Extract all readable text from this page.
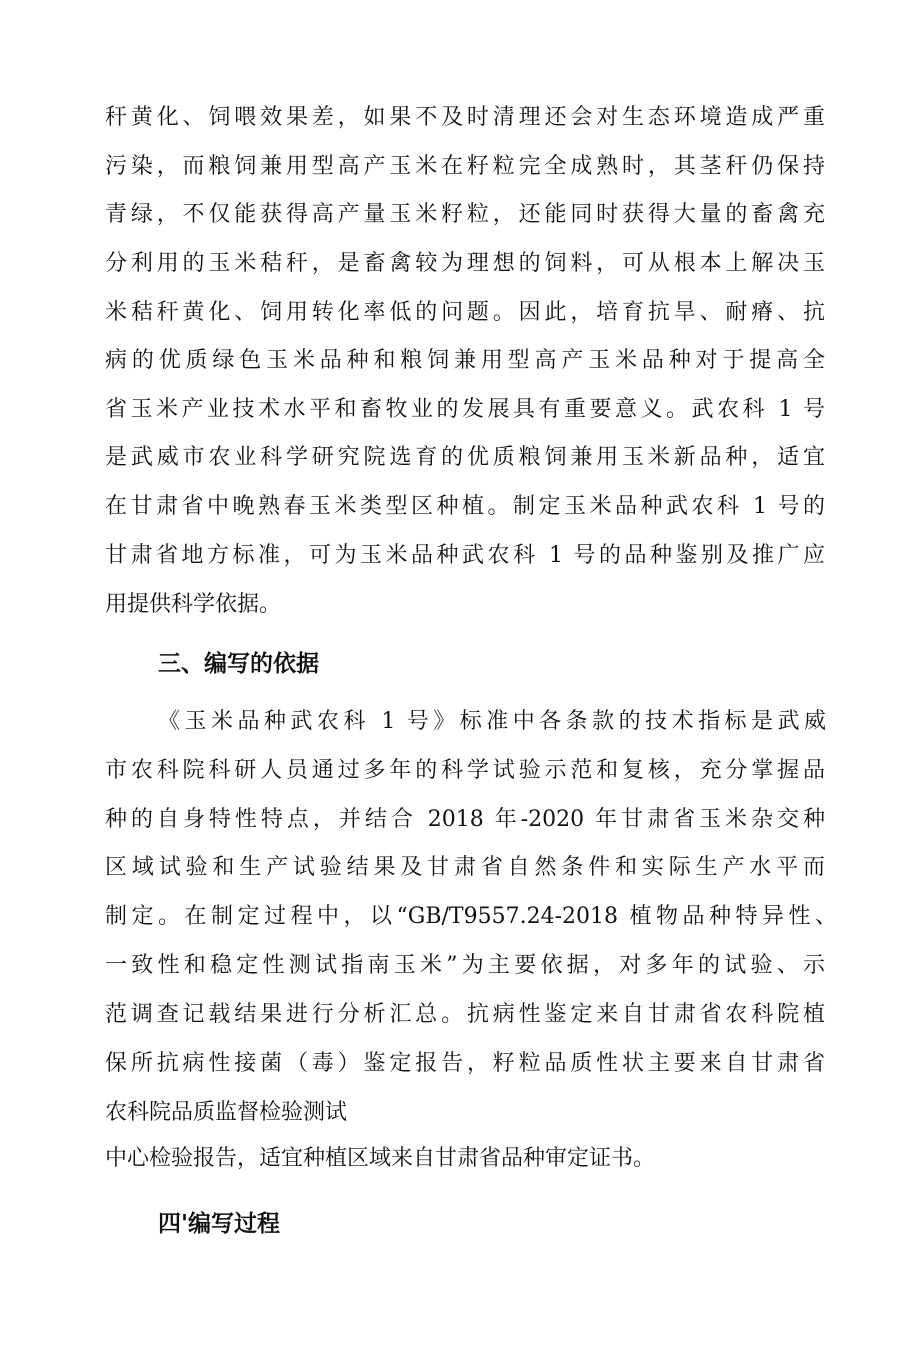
秆黄化、饲喂效果差，如果不及时清理还会对生态环境造成严重
污染，而粮饲兼用型高产玉米在籽粒完全成熟时，其茎秆仍保持
青绿，不仅能获得高产量玉米籽粒，还能同时获得大量的畜禽充
分利用的玉米秸秆，是畜禽较为理想的饲料，可从根本上解决玉
米秸秆黄化、饲用转化率低的问题。因此，培育抗旱、耐瘠、抗
病的优质绿色玉米品种和粮饲兼用型高产玉米品种对于提高全
省玉米产业技术水平和畜牧业的发展具有重要意义。武农科 1 号
是武威市农业科学研究院选育的优质粮饲兼用玉米新品种，适宜
在甘肃省中晚熟春玉米类型区种植。制定玉米品种武农科 1 号的
甘肃省地方标准，可为玉米品种武农科 1 号的品种鉴别及推广应
用提供科学依据。
三、编写的依据
《玉米品种武农科 1 号》标准中各条款的技术指标是武威
市农科院科研人员通过多年的科学试验示范和复核，充分掌握品
种的自身特性特点，并结合 2018 年-2020 年甘肃省玉米杂交种
区域试验和生产试验结果及甘肃省自然条件和实际生产水平而
制定。在制定过程中，以“GB/T9557.24-2018 植物品种特异性、
一致性和稳定性测试指南玉米”为主要依据，对多年的试验、示
范调查记载结果进行分析汇总。抗病性鉴定来自甘肃省农科院植
保所抗病性接菌（毒）鉴定报告，籽粒品质性状主要来自甘肃省
农科院品质监督检验测试
中心检验报告，适宜种植区域来自甘肃省品种审定证书。
四'编写过程
